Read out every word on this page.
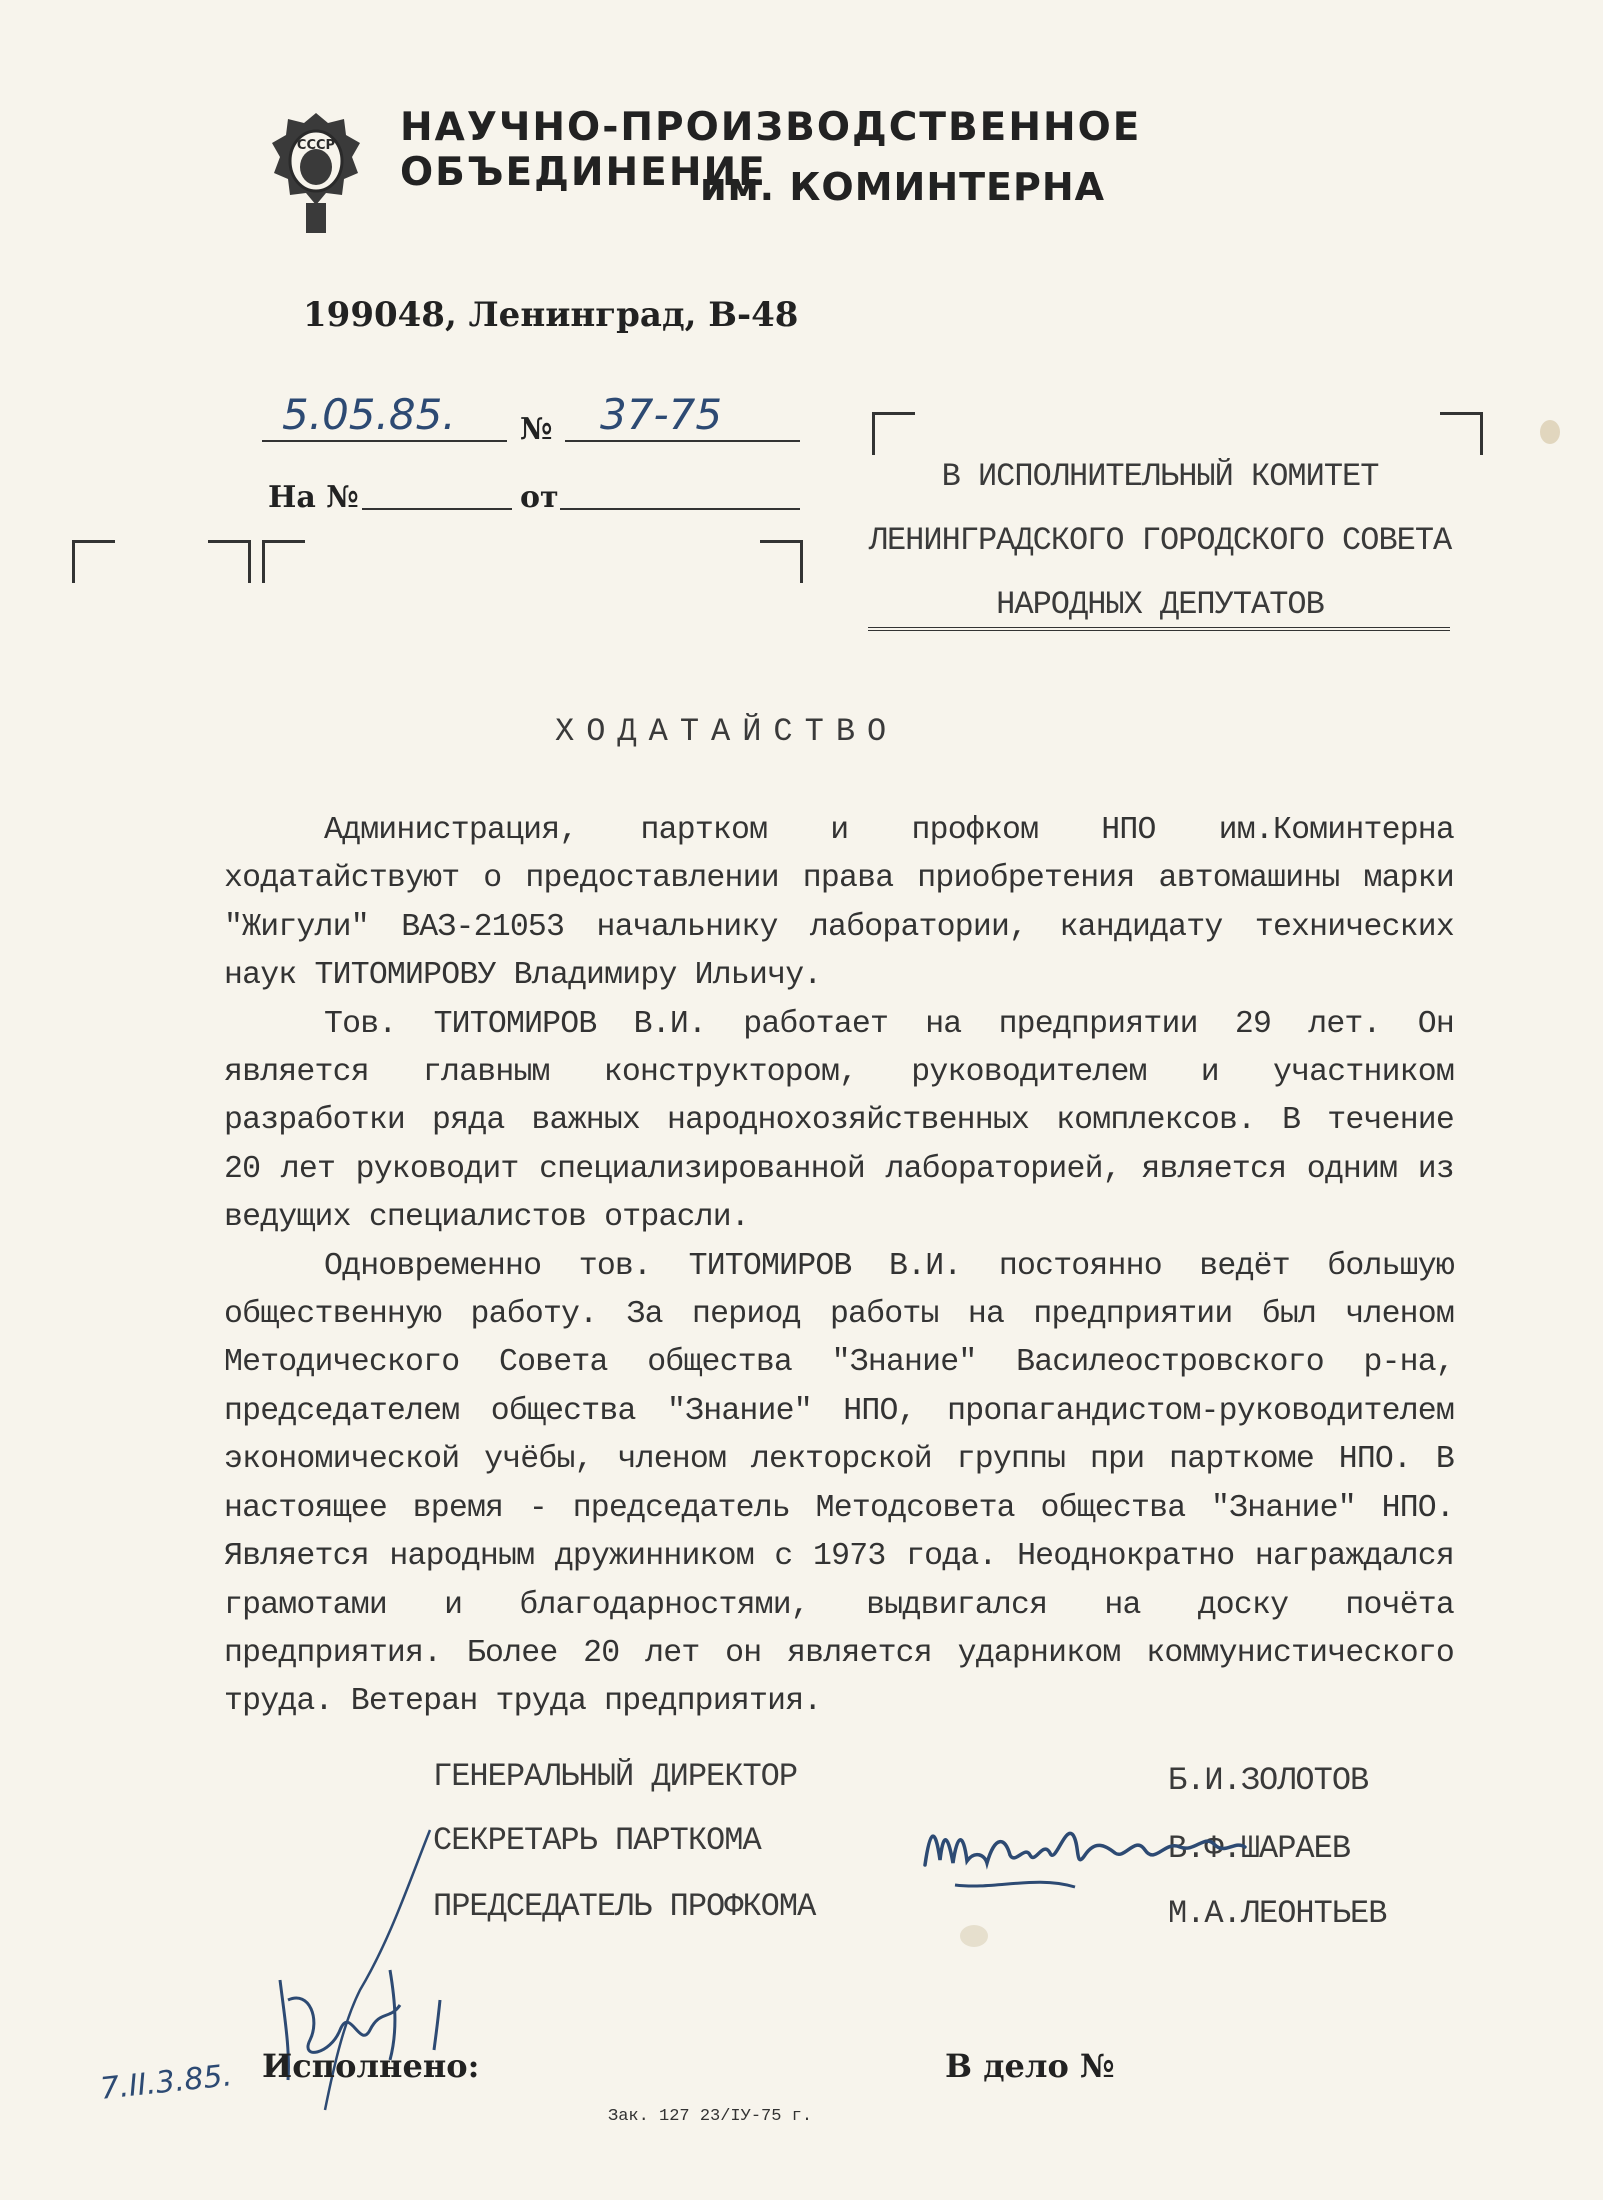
СССР НАУЧНО-ПРОИЗВОДСТВЕННОЕ ОБЪЕДИНЕНИЕ
им. КОМИНТЕРНА
199048, Ленинград, В-48
5.05.85. № 37-75
На №	от
В ИСПОЛНИТЕЛЬНЫЙ КОМИТЕТ
ЛЕНИНГРАДСКОГО ГОРОДСКОГО СОВЕТА
НАРОДНЫХ ДЕПУТАТОВ
ХОДАТАЙСТВО

Администрация, партком и профком НПО им.Коминтерна ходатайствуют о предоставлении права приобретения автомашины марки "Жигули" ВАЗ-21053 начальнику лаборатории, кандидату технических наук ТИТОМИРОВУ Владимиру Ильичу.

Тов. ТИТОМИРОВ В.И. работает на предприятии 29 лет. Он является главным конструктором, руководителем и участником разработки ряда важных народнохозяйственных комплексов. В течение 20 лет руководит специализированной лабораторией, является одним из ведущих специалистов отрасли.

Одновременно тов. ТИТОМИРОВ В.И. постоянно ведёт большую общественную работу. За период работы на предприятии был членом Методического Совета общества "Знание" Василеостровского р-на, председателем общества "Знание" НПО, пропагандистом-руководителем экономической учёбы, членом лекторской группы при парткоме НПО. В настоящее время - председатель Методсовета общества "Знание" НПО. Является народным дружинником с 1973 года. Неоднократно награждался грамотами и благодарностями, выдвигался на доску почёта предприятия. Более 20 лет он является ударником коммунистического труда. Ветеран труда предприятия.

ГЕНЕРАЛЬНЫЙ ДИРЕКТОР	Б.И.ЗОЛОТОВ
СЕКРЕТАРЬ ПАРТКОМА	В.Ф.ШАРАЕВ
ПРЕДСЕДАТЕЛЬ ПРОФКОМА	М.А.ЛЕОНТЬЕВ
7.II.3.85. Исполнено:	В дело №
Зак. 127 23/IУ-75 г.
